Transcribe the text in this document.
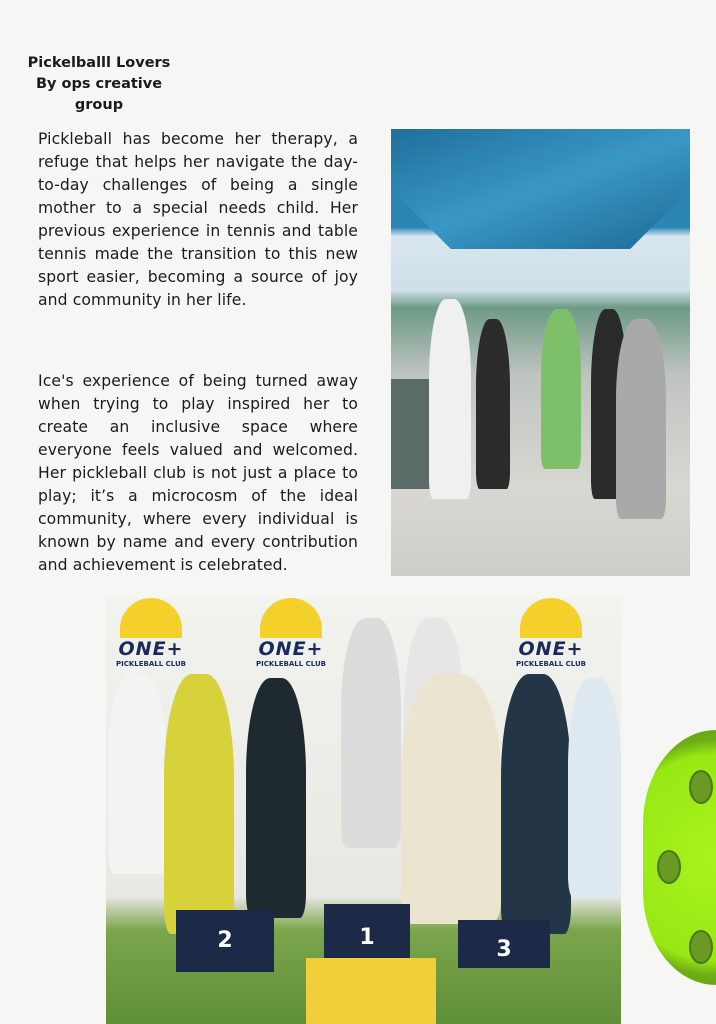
Pickelballl Lovers
By ops creative group

Pickleball has become her therapy, a refuge that helps her navigate the day-to-day challenges of being a single mother to a special needs child. Her previous experience in tennis and table tennis made the transition to this new sport easier, becoming a source of joy and community in her life.

Ice's experience of being turned away when trying to play inspired her to create an inclusive space where everyone feels valued and welcomed. Her pickleball club is not just a place to play; it’s a microcosm of the ideal community, where every individual is known by name and every contribution and achievement is celebrated.

ONE+
PICKLEBALL CLUB
ONE+
PICKLEBALL CLUB
ONE+
PICKLEBALL CLUB
2	1	3
